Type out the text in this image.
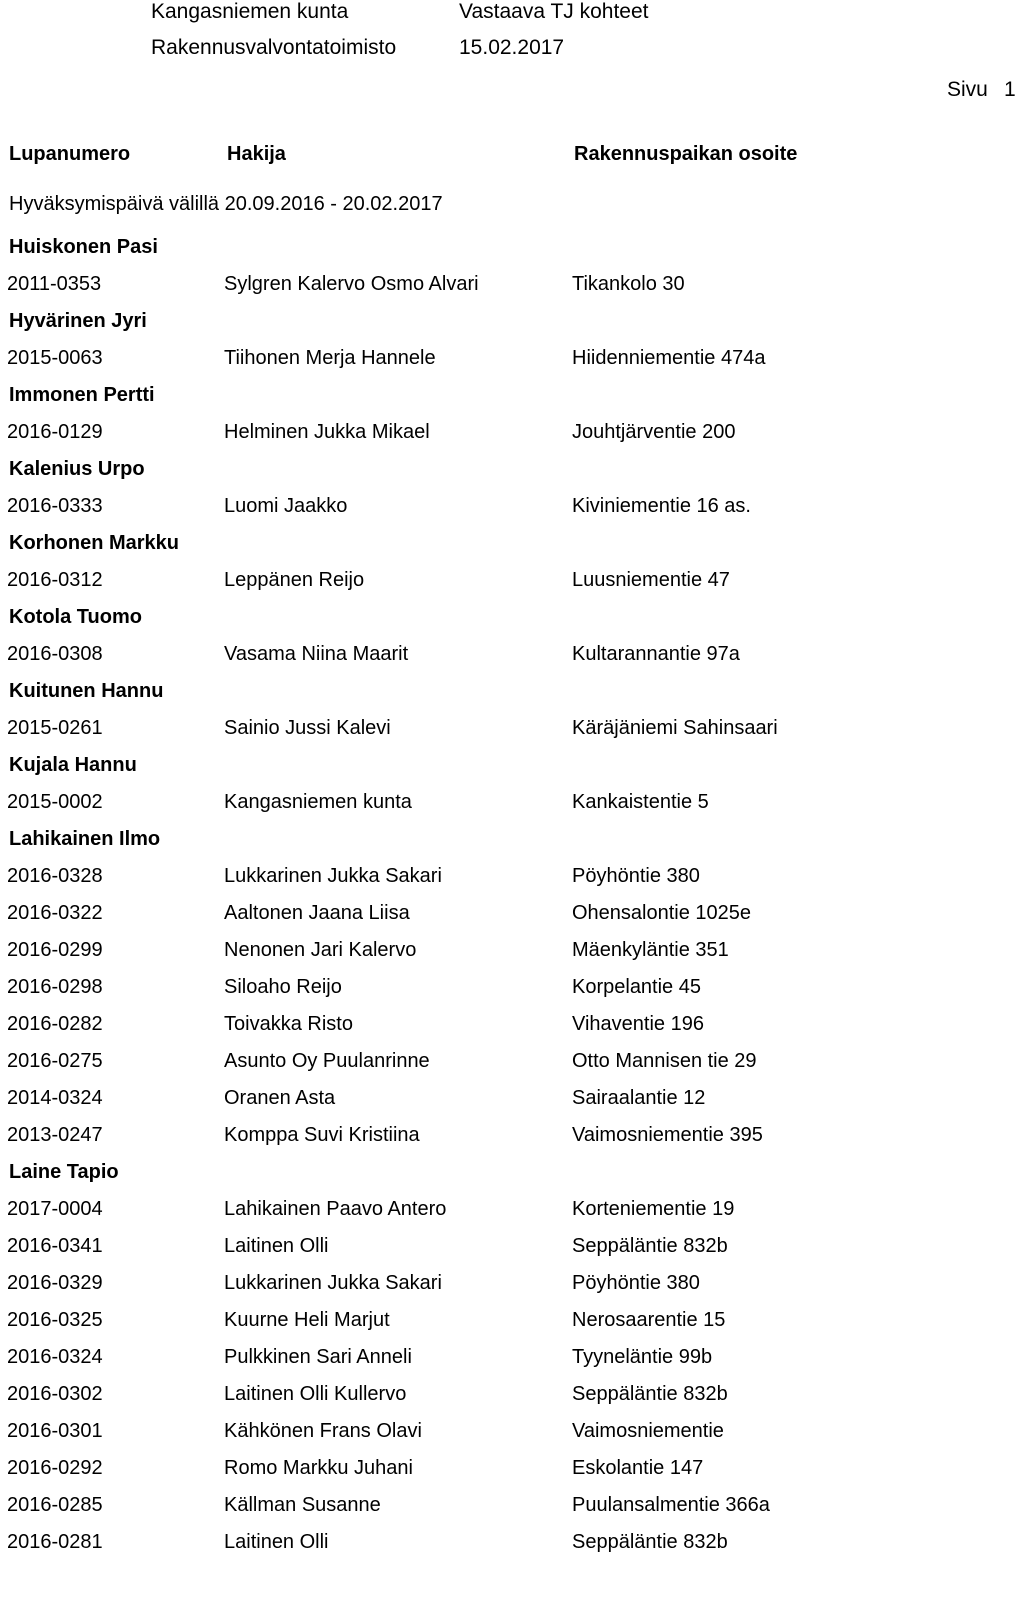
Kangasniemen kunta
Rakennusvalvontatoimisto
Vastaava TJ kohteet
15.02.2017
Sivu 1
Lupanumero	Hakija	Rakennuspaikan osoite
Hyväksymispäivä välillä 20.09.2016 - 20.02.2017
Huiskonen Pasi
2011-0353	Sylgren Kalervo Osmo Alvari	Tikankolo 30
Hyvärinen Jyri
2015-0063	Tiihonen Merja Hannele	Hiidenniementie 474a
Immonen Pertti
2016-0129	Helminen Jukka Mikael	Jouhtjärventie 200
Kalenius Urpo
2016-0333	Luomi Jaakko	Kiviniementie 16 as.
Korhonen Markku
2016-0312	Leppänen Reijo	Luusniementie 47
Kotola Tuomo
2016-0308	Vasama Niina Maarit	Kultarannantie 97a
Kuitunen Hannu
2015-0261	Sainio Jussi Kalevi	Käräjäniemi Sahinsaari
Kujala Hannu
2015-0002	Kangasniemen kunta	Kankaistentie 5
Lahikainen Ilmo
2016-0328	Lukkarinen Jukka Sakari	Pöyhöntie 380
2016-0322	Aaltonen Jaana Liisa	Ohensalontie 1025e
2016-0299	Nenonen Jari Kalervo	Mäenkyläntie 351
2016-0298	Siloaho Reijo	Korpelantie 45
2016-0282	Toivakka Risto	Vihaventie 196
2016-0275	Asunto Oy Puulanrinne	Otto Mannisen tie 29
2014-0324	Oranen Asta	Sairaalantie 12
2013-0247	Komppa Suvi Kristiina	Vaimosniementie 395
Laine Tapio
2017-0004	Lahikainen Paavo Antero	Korteniementie 19
2016-0341	Laitinen Olli	Seppäläntie 832b
2016-0329	Lukkarinen Jukka Sakari	Pöyhöntie 380
2016-0325	Kuurne Heli Marjut	Nerosaarentie 15
2016-0324	Pulkkinen Sari Anneli	Tyyneläntie 99b
2016-0302	Laitinen Olli Kullervo	Seppäläntie 832b
2016-0301	Kähkönen Frans Olavi	Vaimosniementie
2016-0292	Romo Markku Juhani	Eskolantie 147
2016-0285	Källman Susanne	Puulansalmentie 366a
2016-0281	Laitinen Olli	Seppäläntie 832b
